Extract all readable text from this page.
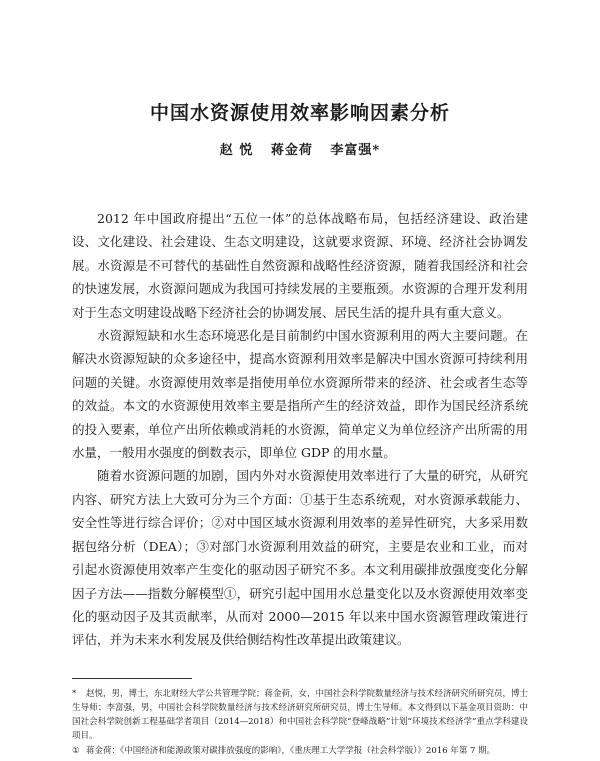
中国水资源使用效率影响因素分析
赵 悦 蒋金荷 李富强*

2012 年中国政府提出“五位一体”的总体战略布局，包括经济建设、政治建设、文化建设、社会建设、生态文明建设，这就要求资源、环境、经济社会协调发展。水资源是不可替代的基础性自然资源和战略性经济资源，随着我国经济和社会的快速发展，水资源问题成为我国可持续发展的主要瓶颈。水资源的合理开发利用对于生态文明建设战略下经济社会的协调发展、居民生活的提升具有重大意义。

水资源短缺和水生态环境恶化是目前制约中国水资源利用的两大主要问题。在解决水资源短缺的众多途径中，提高水资源利用效率是解决中国水资源可持续利用问题的关键。水资源使用效率是指使用单位水资源所带来的经济、社会或者生态等的效益。本文的水资源使用效率主要是指所产生的经济效益，即作为国民经济系统的投入要素，单位产出所依赖或消耗的水资源，简单定义为单位经济产出所需的用水量，一般用水强度的倒数表示，即单位 GDP 的用水量。

随着水资源问题的加剧，国内外对水资源使用效率进行了大量的研究，从研究内容、研究方法上大致可分为三个方面：①基于生态系统观，对水资源承载能力、安全性等进行综合评价；②对中国区域水资源利用效率的差异性研究，大多采用数据包络分析（DEA）；③对部门水资源利用效益的研究，主要是农业和工业，而对引起水资源使用效率产生变化的驱动因子研究不多。本文利用碳排放强度变化分解因子方法——指数分解模型①，研究引起中国用水总量变化以及水资源使用效率变化的驱动因子及其贡献率，从而对 2000—2015 年以来中国水资源管理政策进行评估，并为未来水利发展及供给侧结构性改革提出政策建议。

* 赵悦，男，博士，东北财经大学公共管理学院；蒋金荷，女，中国社会科学院数量经济与技术经济研究所研究员，博士生导师；李富强，男，中国社会科学院数量经济与技术经济研究所研究员，博士生导师。本文得到以下基金项目资助：中国社会科学院创新工程基础学者项目（2014—2018）和中国社会科学院“登峰战略”计划“环境技术经济学”重点学科建设项目。

① 蒋金荷：《中国经济和能源政策对碳排放强度的影响》，《重庆理工大学学报（社会科学版）》2016 年第 7 期。
